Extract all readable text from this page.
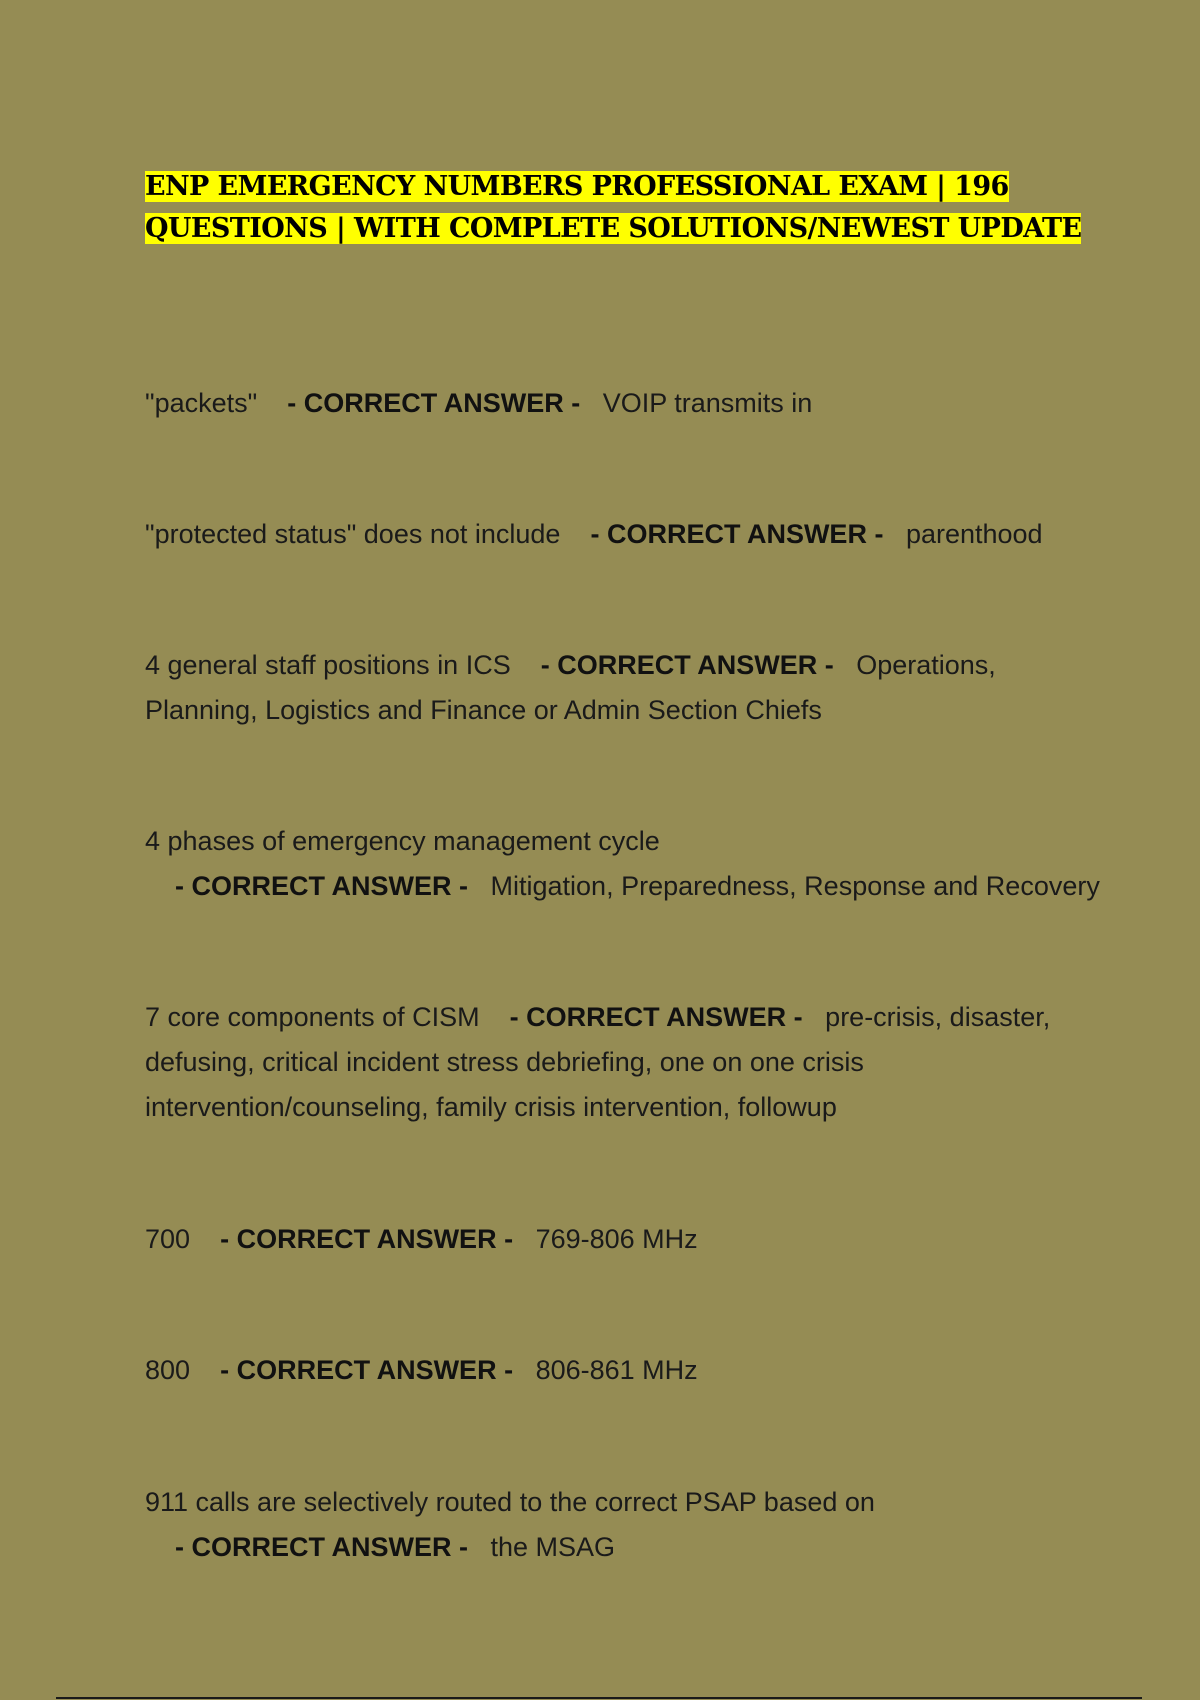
ENP EMERGENCY NUMBERS PROFESSIONAL EXAM | 196
QUESTIONS | WITH COMPLETE SOLUTIONS/NEWEST UPDATE
"packets" - CORRECT ANSWER - VOIP transmits in
"protected status" does not include - CORRECT ANSWER - parenthood
4 general staff positions in ICS - CORRECT ANSWER - Operations, Planning, Logistics and Finance or Admin Section Chiefs
4 phases of emergency management cycle    - CORRECT ANSWER - Mitigation, Preparedness, Response and Recovery
7 core components of CISM - CORRECT ANSWER - pre-crisis, disaster, defusing, critical incident stress debriefing, one on one crisis intervention/counseling, family crisis intervention, followup
700 - CORRECT ANSWER - 769-806 MHz
800 - CORRECT ANSWER - 806-861 MHz
911 calls are selectively routed to the correct PSAP based on    - CORRECT ANSWER - the MSAG
